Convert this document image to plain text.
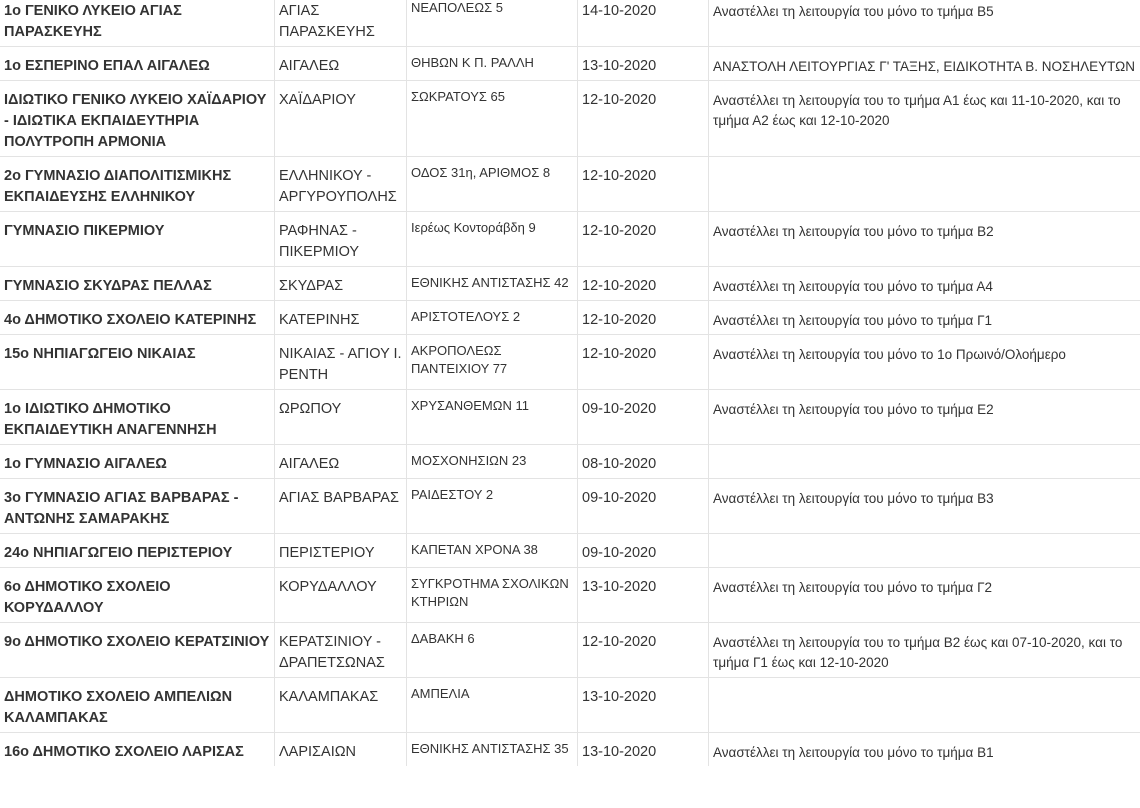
1ο ΓΕΝΙΚΟ ΛΥΚΕΙΟ ΑΓΙΑΣ ΠΑΡΑΣΚΕΥΗΣ	ΑΓΙΑΣ ΠΑΡΑΣΚΕΥΗΣ	ΝΕΑΠΟΛΕΩΣ 5	14-10-2020	Αναστέλλει τη λειτουργία του μόνο το τμήμα Β5
1ο ΕΣΠΕΡΙΝΟ ΕΠΑΛ ΑΙΓΑΛΕΩ	ΑΙΓΑΛΕΩ	ΘΗΒΩΝ Κ Π. ΡΑΛΛΗ	13-10-2020	ΑΝΑΣΤΟΛΗ ΛΕΙΤΟΥΡΓΙΑΣ Γ' ΤΑΞΗΣ, ΕΙΔΙΚΟΤΗΤΑ Β. ΝΟΣΗΛΕΥΤΩΝ
ΙΔΙΩΤΙΚΟ ΓΕΝΙΚΟ ΛΥΚΕΙΟ ΧΑΪΔΑΡΙΟΥ - ΙΔΙΩΤΙΚΑ ΕΚΠΑΙΔΕΥΤΗΡΙΑ ΠΟΛΥΤΡΟΠΗ ΑΡΜΟΝΙΑ	ΧΑΪΔΑΡΙΟΥ	ΣΩΚΡΑΤΟΥΣ 65	12-10-2020	Αναστέλλει τη λειτουργία του το τμήμα Α1 έως και 11-10-2020, και το τμήμα Α2 έως και 12-10-2020
2ο ΓΥΜΝΑΣΙΟ ΔΙΑΠΟΛΙΤΙΣΜΙΚΗΣ ΕΚΠΑΙΔΕΥΣΗΣ ΕΛΛΗΝΙΚΟΥ	ΕΛΛΗΝΙΚΟΥ - ΑΡΓΥΡΟΥΠΟΛΗΣ	ΟΔΟΣ 31η, ΑΡΙΘΜΟΣ 8	12-10-2020	
ΓΥΜΝΑΣΙΟ ΠΙΚΕΡΜΙΟΥ	ΡΑΦΗΝΑΣ - ΠΙΚΕΡΜΙΟΥ	Ιερέως Κοντοράβδη 9	12-10-2020	Αναστέλλει τη λειτουργία του μόνο το τμήμα Β2
ΓΥΜΝΑΣΙΟ ΣΚΥΔΡΑΣ ΠΕΛΛΑΣ	ΣΚΥΔΡΑΣ	ΕΘΝΙΚΗΣ ΑΝΤΙΣΤΑΣΗΣ 42	12-10-2020	Αναστέλλει τη λειτουργία του μόνο το τμήμα Α4
4ο ΔΗΜΟΤΙΚΟ ΣΧΟΛΕΙΟ ΚΑΤΕΡΙΝΗΣ	ΚΑΤΕΡΙΝΗΣ	ΑΡΙΣΤΟΤΕΛΟΥΣ 2	12-10-2020	Αναστέλλει τη λειτουργία του μόνο το τμήμα Γ1
15ο ΝΗΠΙΑΓΩΓΕΙΟ ΝΙΚΑΙΑΣ	ΝΙΚΑΙΑΣ - ΑΓΙΟΥ Ι. ΡΕΝΤΗ	ΑΚΡΟΠΟΛΕΩΣ ΠΑΝΤΕΙΧΙΟΥ 77	12-10-2020	Αναστέλλει τη λειτουργία του μόνο το 1ο Πρωινό/Ολοήμερο
1ο ΙΔΙΩΤΙΚΟ ΔΗΜΟΤΙΚΟ ΕΚΠΑΙΔΕΥΤΙΚΗ ΑΝΑΓΕΝΝΗΣΗ	ΩΡΩΠΟΥ	ΧΡΥΣΑΝΘΕΜΩΝ 11	09-10-2020	Αναστέλλει τη λειτουργία του μόνο το τμήμα Ε2
1ο ΓΥΜΝΑΣΙΟ ΑΙΓΑΛΕΩ	ΑΙΓΑΛΕΩ	ΜΟΣΧΟΝΗΣΙΩΝ 23	08-10-2020	
3ο ΓΥΜΝΑΣΙΟ ΑΓΙΑΣ ΒΑΡΒΑΡΑΣ - ΑΝΤΩΝΗΣ ΣΑΜΑΡΑΚΗΣ	ΑΓΙΑΣ ΒΑΡΒΑΡΑΣ	ΡΑΙΔΕΣΤΟΥ 2	09-10-2020	Αναστέλλει τη λειτουργία του μόνο το τμήμα Β3
24ο ΝΗΠΙΑΓΩΓΕΙΟ ΠΕΡΙΣΤΕΡΙΟΥ	ΠΕΡΙΣΤΕΡΙΟΥ	ΚΑΠΕΤΑΝ ΧΡΟΝΑ 38	09-10-2020	
6ο ΔΗΜΟΤΙΚΟ ΣΧΟΛΕΙΟ ΚΟΡΥΔΑΛΛΟΥ	ΚΟΡΥΔΑΛΛΟΥ	ΣΥΓΚΡΟΤΗΜΑ ΣΧΟΛΙΚΩΝ ΚΤΗΡΙΩΝ	13-10-2020	Αναστέλλει τη λειτουργία του μόνο το τμήμα Γ2
9ο ΔΗΜΟΤΙΚΟ ΣΧΟΛΕΙΟ ΚΕΡΑΤΣΙΝΙΟΥ	ΚΕΡΑΤΣΙΝΙΟΥ - ΔΡΑΠΕΤΣΩΝΑΣ	ΔΑΒΑΚΗ 6	12-10-2020	Αναστέλλει τη λειτουργία του το τμήμα Β2 έως και 07-10-2020, και το τμήμα Γ1 έως και 12-10-2020
ΔΗΜΟΤΙΚΟ ΣΧΟΛΕΙΟ ΑΜΠΕΛΙΩΝ ΚΑΛΑΜΠΑΚΑΣ	ΚΑΛΑΜΠΑΚΑΣ	ΑΜΠΕΛΙΑ	13-10-2020	
16ο ΔΗΜΟΤΙΚΟ ΣΧΟΛΕΙΟ ΛΑΡΙΣΑΣ	ΛΑΡΙΣΑΙΩΝ	ΕΘΝΙΚΗΣ ΑΝΤΙΣΤΑΣΗΣ 35	13-10-2020	Αναστέλλει τη λειτουργία του μόνο το τμήμα Β1
